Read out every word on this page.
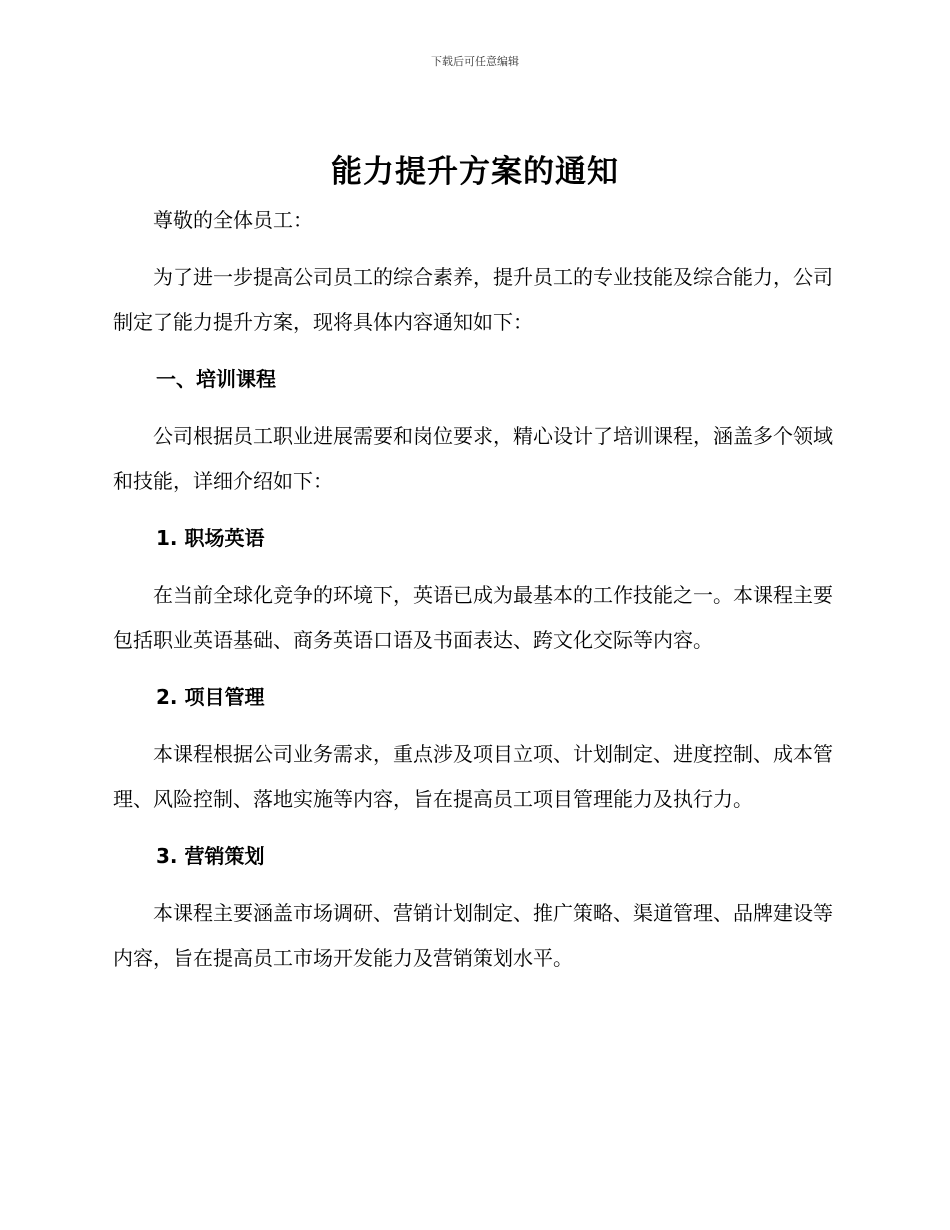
下载后可任意编辑
能力提升方案的通知

尊敬的全体员工：

为了进一步提高公司员工的综合素养，提升员工的专业技能及综合能力，公司制定了能力提升方案，现将具体内容通知如下：

一、培训课程

公司根据员工职业进展需要和岗位要求，精心设计了培训课程，涵盖多个领域和技能，详细介绍如下：

1. 职场英语

在当前全球化竞争的环境下，英语已成为最基本的工作技能之一。本课程主要包括职业英语基础、商务英语口语及书面表达、跨文化交际等内容。

2. 项目管理

本课程根据公司业务需求，重点涉及项目立项、计划制定、进度控制、成本管理、风险控制、落地实施等内容，旨在提高员工项目管理能力及执行力。

3. 营销策划

本课程主要涵盖市场调研、营销计划制定、推广策略、渠道管理、品牌建设等内容，旨在提高员工市场开发能力及营销策划水平。
